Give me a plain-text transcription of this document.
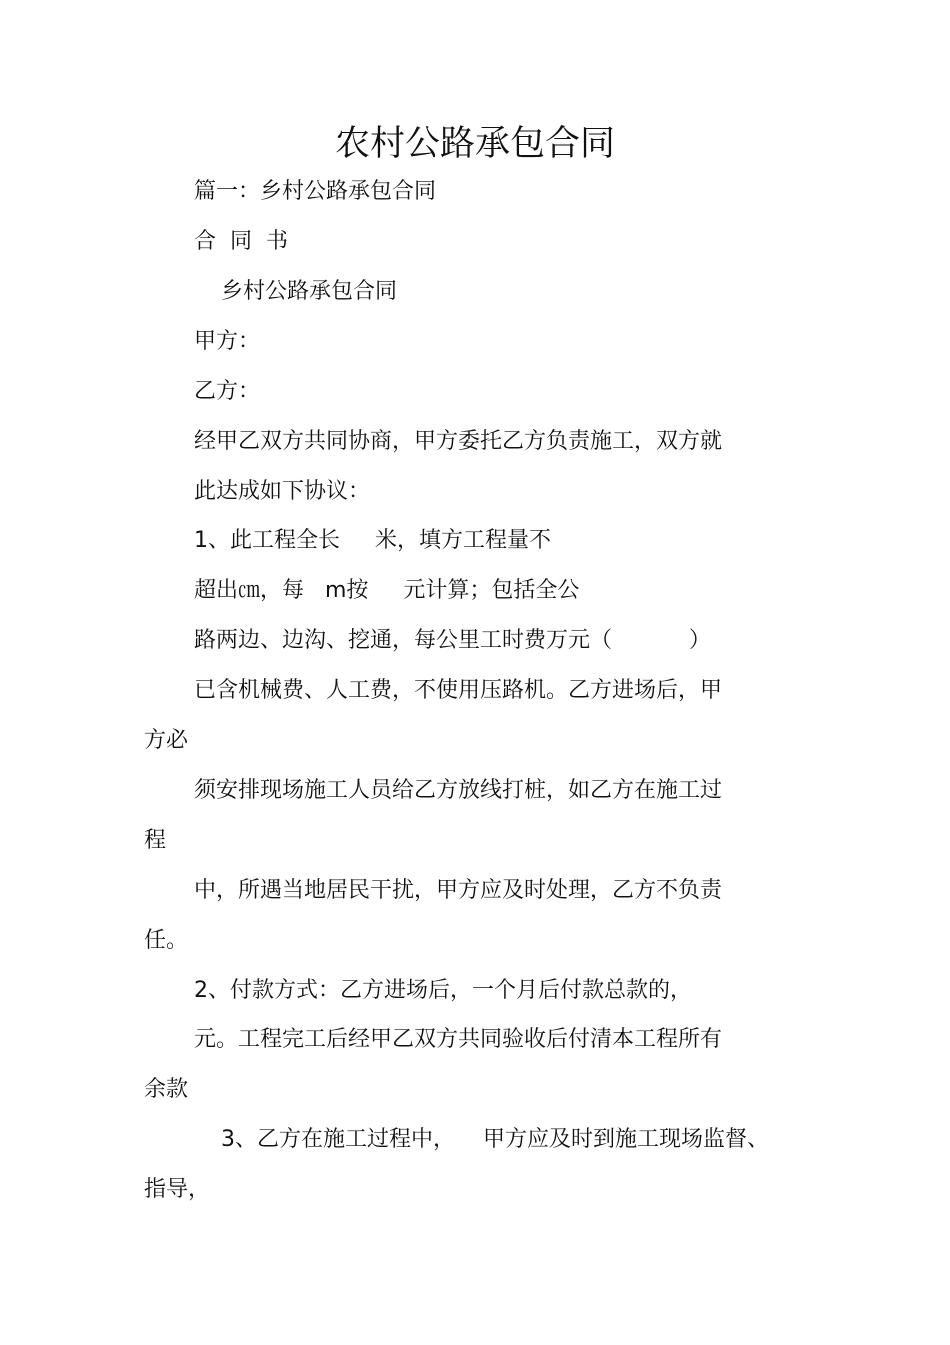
农村公路承包合同
篇一：乡村公路承包合同
合  同  书
乡村公路承包合同
甲方：
乙方：
经甲乙双方共同协商，甲方委托乙方负责施工，双方就
此达成如下协议：
1、此工程全长     米，填方工程量不
超出㎝，每   m按     元计算；包括全公
路两边、边沟、挖通，每公里工时费万元（           ）
已含机械费、人工费，不使用压路机。乙方进场后，甲
方必
须安排现场施工人员给乙方放线打桩，如乙方在施工过
程
中，所遇当地居民干扰，甲方应及时处理，乙方不负责
任。
2、付款方式：乙方进场后，一个月后付款总款的，
元。工程完工后经甲乙双方共同验收后付清本工程所有
余款
3、乙方在施工过程中，    甲方应及时到施工现场监督、
指导，
